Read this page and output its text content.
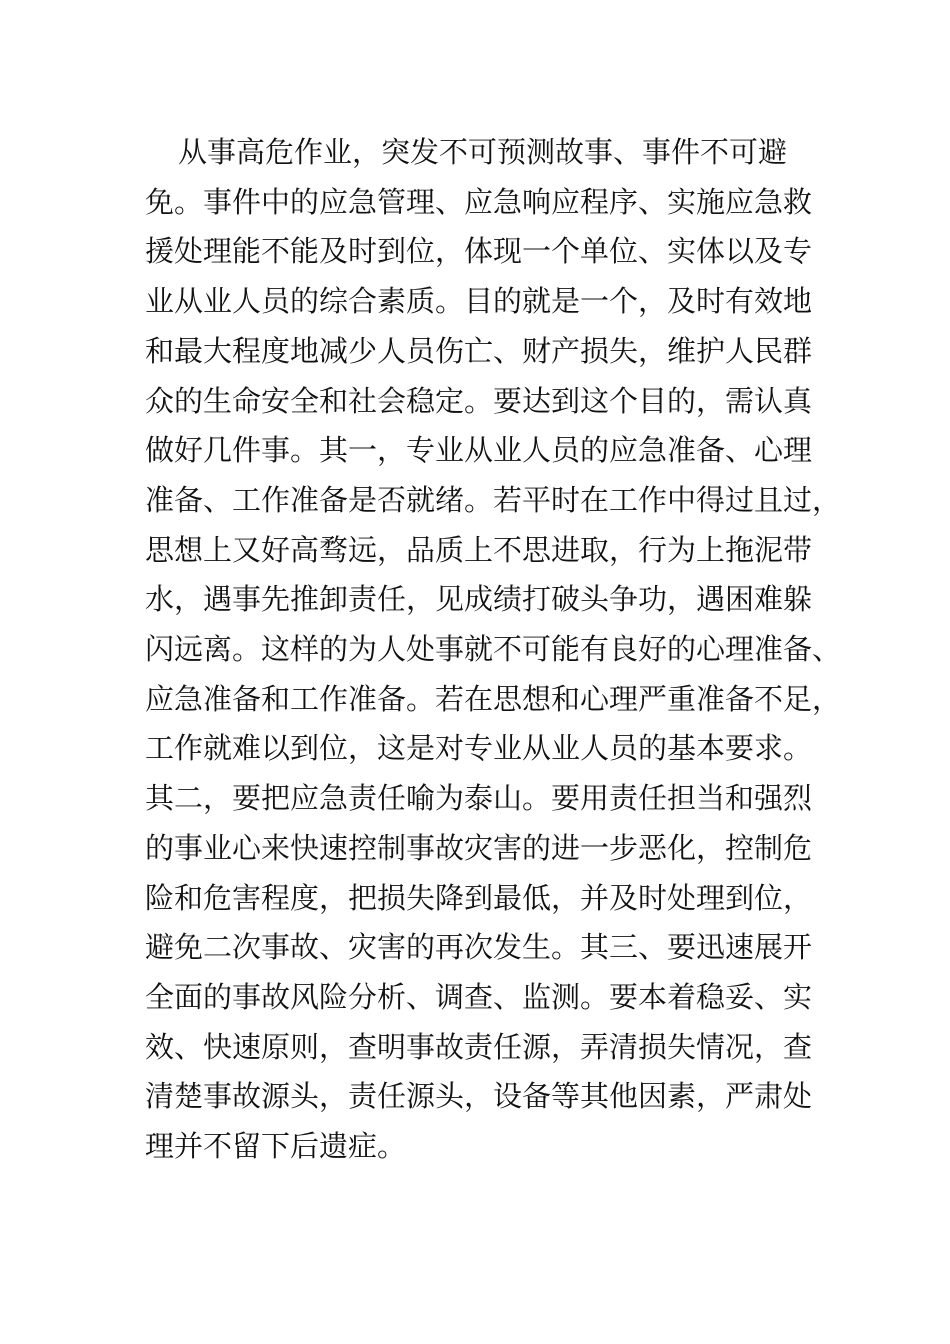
从事高危作业，突发不可预测故事、事件不可避
免。事件中的应急管理、应急响应程序、实施应急救
援处理能不能及时到位，体现一个单位、实体以及专
业从业人员的综合素质。目的就是一个，及时有效地
和最大程度地减少人员伤亡、财产损失，维护人民群
众的生命安全和社会稳定。要达到这个目的，需认真
做好几件事。其一，专业从业人员的应急准备、心理
准备、工作准备是否就绪。若平时在工作中得过且过，
思想上又好高骛远，品质上不思进取，行为上拖泥带
水，遇事先推卸责任，见成绩打破头争功，遇困难躲
闪远离。这样的为人处事就不可能有良好的心理准备、
应急准备和工作准备。若在思想和心理严重准备不足，
工作就难以到位，这是对专业从业人员的基本要求。
其二，要把应急责任喻为泰山。要用责任担当和强烈
的事业心来快速控制事故灾害的进一步恶化，控制危
险和危害程度，把损失降到最低，并及时处理到位，
避免二次事故、灾害的再次发生。其三、要迅速展开
全面的事故风险分析、调查、监测。要本着稳妥、实
效、快速原则，查明事故责任源，弄清损失情况，查
清楚事故源头，责任源头，设备等其他因素，严肃处
理并不留下后遗症。
